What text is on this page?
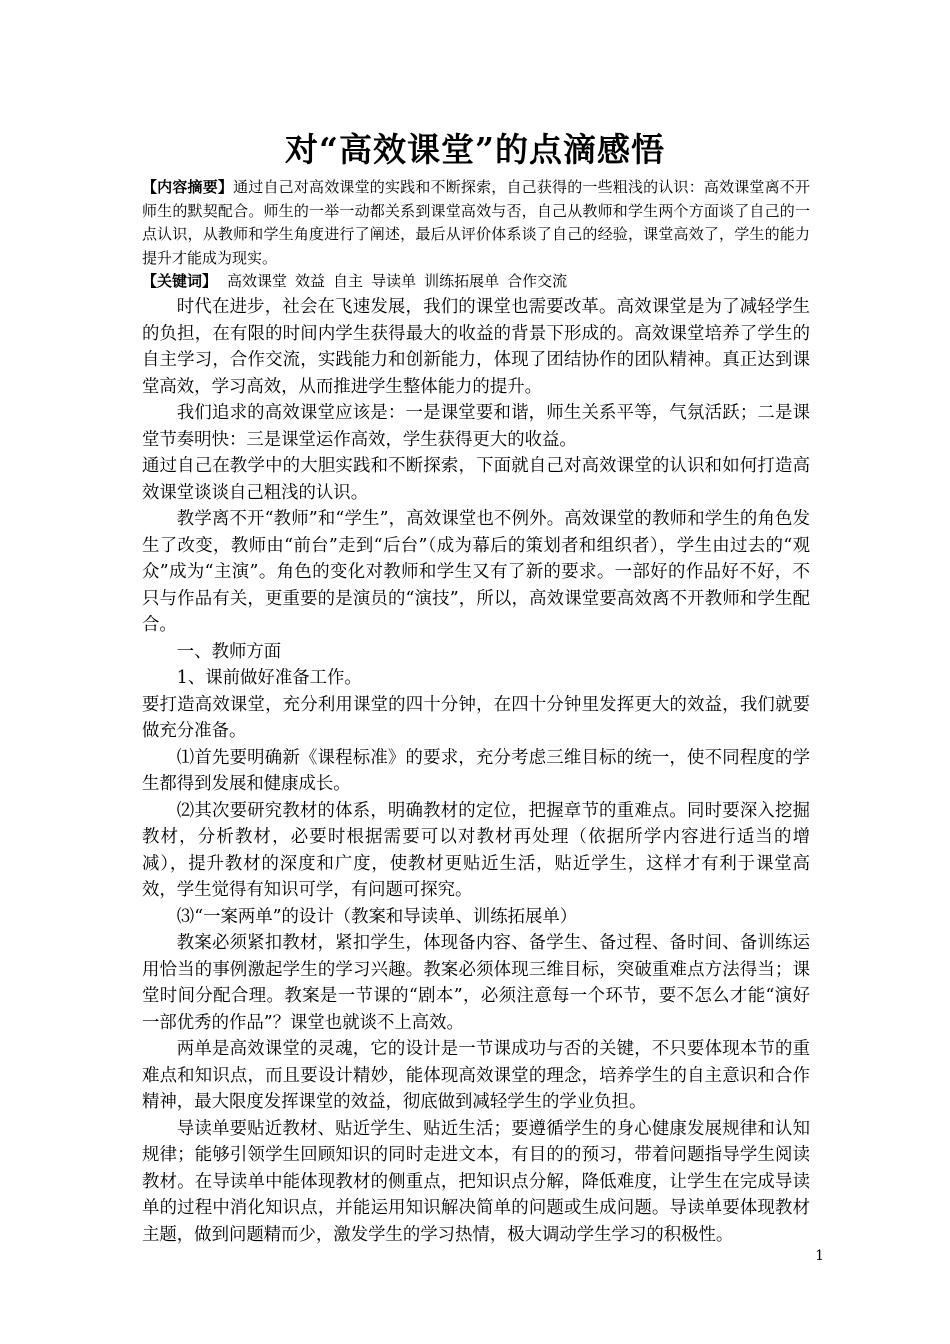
对“高效课堂”的点滴感悟

【内容摘要】通过自己对高效课堂的实践和不断探索，自己获得的一些粗浅的认识：高效课堂离不开师生的默契配合。师生的一举一动都关系到课堂高效与否，自己从教师和学生两个方面谈了自己的一点认识，从教师和学生角度进行了阐述，最后从评价体系谈了自己的经验，课堂高效了，学生的能力提升才能成为现实。

【关键词】 高效课堂 效益 自主 导读单 训练拓展单 合作交流

时代在进步，社会在飞速发展，我们的课堂也需要改革。高效课堂是为了减轻学生的负担，在有限的时间内学生获得最大的收益的背景下形成的。高效课堂培养了学生的自主学习，合作交流，实践能力和创新能力，体现了团结协作的团队精神。真正达到课堂高效，学习高效，从而推进学生整体能力的提升。

我们追求的高效课堂应该是：一是课堂要和谐，师生关系平等，气氛活跃；二是课堂节奏明快：三是课堂运作高效，学生获得更大的收益。

通过自己在教学中的大胆实践和不断探索，下面就自己对高效课堂的认识和如何打造高效课堂谈谈自己粗浅的认识。

教学离不开“教师”和“学生”，高效课堂也不例外。高效课堂的教师和学生的角色发生了改变，教师由“前台”走到“后台”（成为幕后的策划者和组织者），学生由过去的“观众”成为“主演”。角色的变化对教师和学生又有了新的要求。一部好的作品好不好，不只与作品有关，更重要的是演员的“演技”，所以，高效课堂要高效离不开教师和学生配合。

一、教师方面

1、课前做好准备工作。

要打造高效课堂，充分利用课堂的四十分钟，在四十分钟里发挥更大的效益，我们就要做充分准备。

⑴首先要明确新《课程标准》的要求，充分考虑三维目标的统一，使不同程度的学生都得到发展和健康成长。

⑵其次要研究教材的体系，明确教材的定位，把握章节的重难点。同时要深入挖掘教材，分析教材，必要时根据需要可以对教材再处理（依据所学内容进行适当的增减），提升教材的深度和广度，使教材更贴近生活，贴近学生，这样才有利于课堂高效，学生觉得有知识可学，有问题可探究。

⑶“一案两单”的设计（教案和导读单、训练拓展单）

教案必须紧扣教材，紧扣学生，体现备内容、备学生、备过程、备时间、备训练运用恰当的事例激起学生的学习兴趣。教案必须体现三维目标，突破重难点方法得当；课堂时间分配合理。教案是一节课的“剧本”，必须注意每一个环节，要不怎么才能“演好一部优秀的作品”？课堂也就谈不上高效。

两单是高效课堂的灵魂，它的设计是一节课成功与否的关键，不只要体现本节的重难点和知识点，而且要设计精妙，能体现高效课堂的理念，培养学生的自主意识和合作精神，最大限度发挥课堂的效益，彻底做到减轻学生的学业负担。

导读单要贴近教材、贴近学生、贴近生活；要遵循学生的身心健康发展规律和认知规律；能够引领学生回顾知识的同时走进文本，有目的的预习，带着问题指导学生阅读教材。在导读单中能体现教材的侧重点，把知识点分解，降低难度，让学生在完成导读单的过程中消化知识点，并能运用知识解决简单的问题或生成问题。导读单要体现教材主题，做到问题精而少，激发学生的学习热情，极大调动学生学习的积极性。

1
